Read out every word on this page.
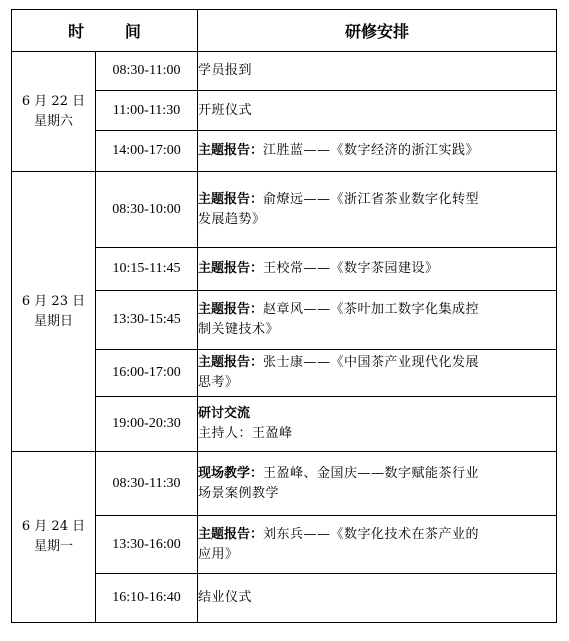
时 间		研修安排

6 月 22 日
星期六	08:30-11:00	学员报到
	11:00-11:30	开班仪式
	14:00-17:00	主题报告：江胜蓝——《数字经济的浙江实践》

6 月 23 日
星期日	08:30-10:00	主题报告：俞燎远——《浙江省茶业数字化转型
发展趋势》

	10:15-11:45	主题报告：王校常——《数字茶园建设》
	13:30-15:45	主题报告：赵章风——《茶叶加工数字化集成控
制关键技术》

	16:00-17:00	主题报告：张士康——《中国茶产业现代化发展
思考》

	19:00-20:30	研讨交流
主持人：王盈峰

6 月 24 日
星期一	08:30-11:30	现场教学：王盈峰、金国庆——数字赋能茶行业
场景案例教学

	13:30-16:00	主题报告：刘东兵——《数字化技术在茶产业的
应用》

	16:10-16:40	结业仪式
